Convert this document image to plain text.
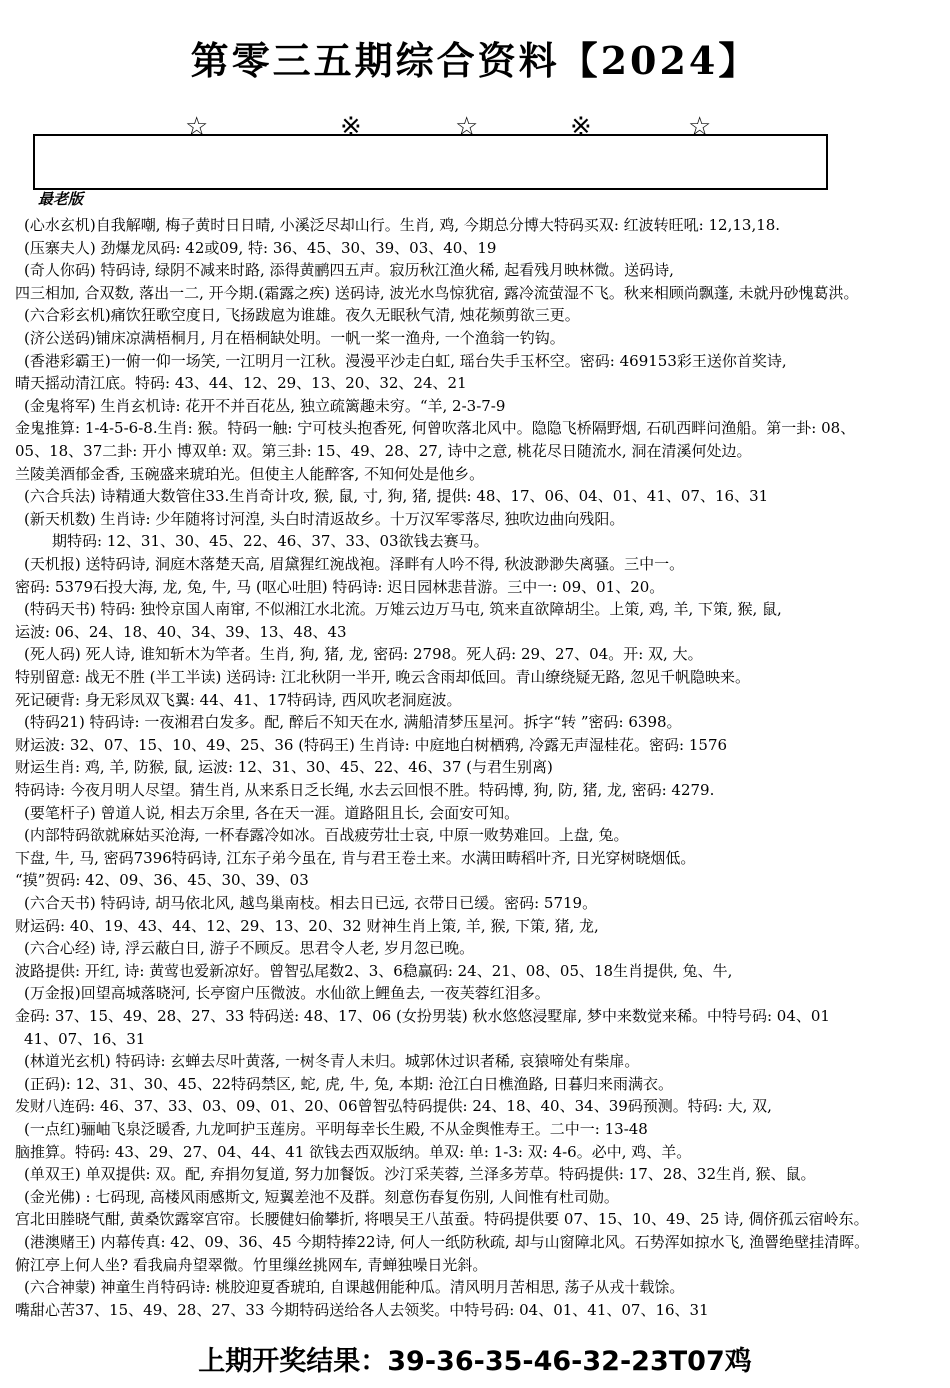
第零三五期综合资料【2024】
☆	※	☆	※	☆
最老版
(心水玄机)自我解嘲, 梅子黄时日日晴, 小溪泛尽却山行。生肖, 鸡, 今期总分博大特码买双: 红波转旺吼: 12,13,18.
(压寨夫人) 劲爆龙凤码: 42或09, 特: 36、45、30、39、03、40、19
(奇人你码) 特码诗, 绿阴不减来时路, 添得黄鹂四五声。寂历秋江渔火稀, 起看残月映林微。送码诗,
四三相加, 合双数, 落出一二, 开今期.(霜露之疾) 送码诗, 波光水鸟惊犹宿, 露冷流萤湿不飞。秋来相顾尚飘蓬, 未就丹砂愧葛洪。
(六合彩玄机)痛饮狂歌空度日, 飞扬跋扈为谁雄。夜久无眠秋气清, 烛花频剪欲三更。
(济公送码)铺床凉满梧桐月, 月在梧桐缺处明。一帆一桨一渔舟, 一个渔翁一钓钩。
(香港彩霸王)一俯一仰一场笑, 一江明月一江秋。漫漫平沙走白虹, 瑶台失手玉杯空。密码: 469153彩王送你首奖诗,
晴天摇动清江底。特码: 43、44、12、29、13、20、32、24、21
(金鬼将军) 生肖玄机诗: 花开不并百花丛, 独立疏篱趣未穷。“羊, 2-3-7-9
金鬼推算: 1-4-5-6-8.生肖: 猴。特码一触: 宁可枝头抱香死, 何曾吹落北风中。隐隐飞桥隔野烟, 石矶西畔问渔船。第一卦: 08、
05、18、37二卦: 开小 博双单: 双。第三卦: 15、49、28、27, 诗中之意, 桃花尽日随流水, 洞在清溪何处边。
兰陵美酒郁金香, 玉碗盛来琥珀光。但使主人能醉客, 不知何处是他乡。
(六合兵法) 诗精通大数管住33.生肖奇计攻, 猴, 鼠, 寸, 狗, 猪, 提供: 48、17、06、04、01、41、07、16、31
(新天机数) 生肖诗: 少年随将讨河湟, 头白时清返故乡。十万汉军零落尽, 独吹边曲向残阳。
期特码: 12、31、30、45、22、46、37、33、03欲钱去赛马。
(天机报) 送特码诗, 洞庭木落楚天高, 眉黛猩红涴战袍。泽畔有人吟不得, 秋波渺渺失离骚。三中一。
密码: 5379石投大海, 龙, 兔, 牛, 马 (呕心吐胆) 特码诗: 迟日园林悲昔游。三中一: 09、01、20。
(特码天书) 特码: 独怜京国人南窜, 不似湘江水北流。万雉云边万马屯, 筑来直欲障胡尘。上策, 鸡, 羊, 下策, 猴, 鼠,
运波: 06、24、18、40、34、39、13、48、43
(死人码) 死人诗, 谁知斩木为竿者。生肖, 狗, 猪, 龙, 密码: 2798。死人码: 29、27、04。开: 双, 大。
特别留意: 战无不胜 (半工半读) 送码诗: 江北秋阴一半开, 晚云含雨却低回。青山缭绕疑无路, 忽见千帆隐映来。
死记硬背: 身无彩凤双飞翼: 44、41、17特码诗, 西风吹老洞庭波。
(特码21) 特码诗: 一夜湘君白发多。配, 醉后不知天在水, 满船清梦压星河。拆字“转 ”密码: 6398。
财运波: 32、07、15、10、49、25、36 (特码王) 生肖诗: 中庭地白树栖鸦, 冷露无声湿桂花。密码: 1576
财运生肖: 鸡, 羊, 防猴, 鼠, 运波: 12、31、30、45、22、46、37 (与君生别离)
特码诗: 今夜月明人尽望。猜生肖, 从来系日乏长绳, 水去云回恨不胜。特码博, 狗, 防, 猪, 龙, 密码: 4279.
(要笔杆子) 曾道人说, 相去万余里, 各在天一涯。道路阻且长, 会面安可知。
(内部特码欲就麻姑买沧海, 一杯春露冷如冰。百战疲劳壮士哀, 中原一败势难回。上盘, 兔。
下盘, 牛, 马, 密码7396特码诗, 江东子弟今虽在, 肯与君王卷土来。水满田畴稻叶齐, 日光穿树晓烟低。
“摸”贺码: 42、09、36、45、30、39、03
(六合天书) 特码诗, 胡马依北风, 越鸟巢南枝。相去日已远, 衣带日已缓。密码: 5719。
财运码: 40、19、43、44、12、29、13、20、32 财神生肖上策, 羊, 猴, 下策, 猪, 龙,
(六合心经) 诗, 浮云蔽白日, 游子不顾反。思君令人老, 岁月忽已晚。
波路提供: 开红, 诗: 黄莺也爱新凉好。曾智弘尾数2、3、6稳赢码: 24、21、08、05、18生肖提供, 兔、牛,
(万金报)回望高城落晓河, 长亭窗户压微波。水仙欲上鲤鱼去, 一夜芙蓉红泪多。
金码: 37、15、49、28、27、33 特码送: 48、17、06 (女扮男装) 秋水悠悠浸墅扉, 梦中来数觉来稀。中特号码: 04、01
41、07、16、31
(林道光玄机) 特码诗: 玄蝉去尽叶黄落, 一树冬青人未归。城郭休过识者稀, 哀猿啼处有柴扉。
(正码): 12、31、30、45、22特码禁区, 蛇, 虎, 牛, 兔, 本期: 沧江白日樵渔路, 日暮归来雨满衣。
发财八连码: 46、37、33、03、09、01、20、06曾智弘特码提供: 24、18、40、34、39码预测。特码: 大, 双,
(一点红)骊岫飞泉泛暖香, 九龙呵护玉莲房。平明每幸长生殿, 不从金舆惟寿王。二中一: 13-48
脑推算。特码: 43、29、27、04、44、41 欲钱去西双版纳。单双: 单: 1-3: 双: 4-6。必中, 鸡、羊。
(单双王) 单双提供: 双。配, 弃捐勿复道, 努力加餐饭。沙汀采芙蓉, 兰泽多芳草。特码提供: 17、28、32生肖, 猴、鼠。
(金光佛) : 七码现, 高楼风雨感斯文, 短翼差池不及群。刻意伤春复伤别, 人间惟有杜司勋。
宫北田塍晓气酣, 黄桑饮露窣宫帘。长腰健妇偷攀折, 将喂吴王八茧蚕。特码提供要 07、15、10、49、25 诗, 倜侪孤云宿岭东。
(港澳赌王) 内幕传真: 42、09、36、45 今期特捧22诗, 何人一纸防秋疏, 却与山窗障北风。石势浑如掠水飞, 渔罾绝壁挂清晖。
俯江亭上何人坐? 看我扁舟望翠微。竹里缫丝挑网车, 青蝉独噪日光斜。
(六合神蒙) 神童生肖特码诗: 桃胶迎夏香琥珀, 自课越佣能种瓜。清风明月苦相思, 荡子从戎十载馀。
嘴甜心苦37、15、49、28、27、33 今期特码送给各人去领奖。中特号码: 04、01、41、07、16、31
上期开奖结果：39-36-35-46-32-23T07鸡
